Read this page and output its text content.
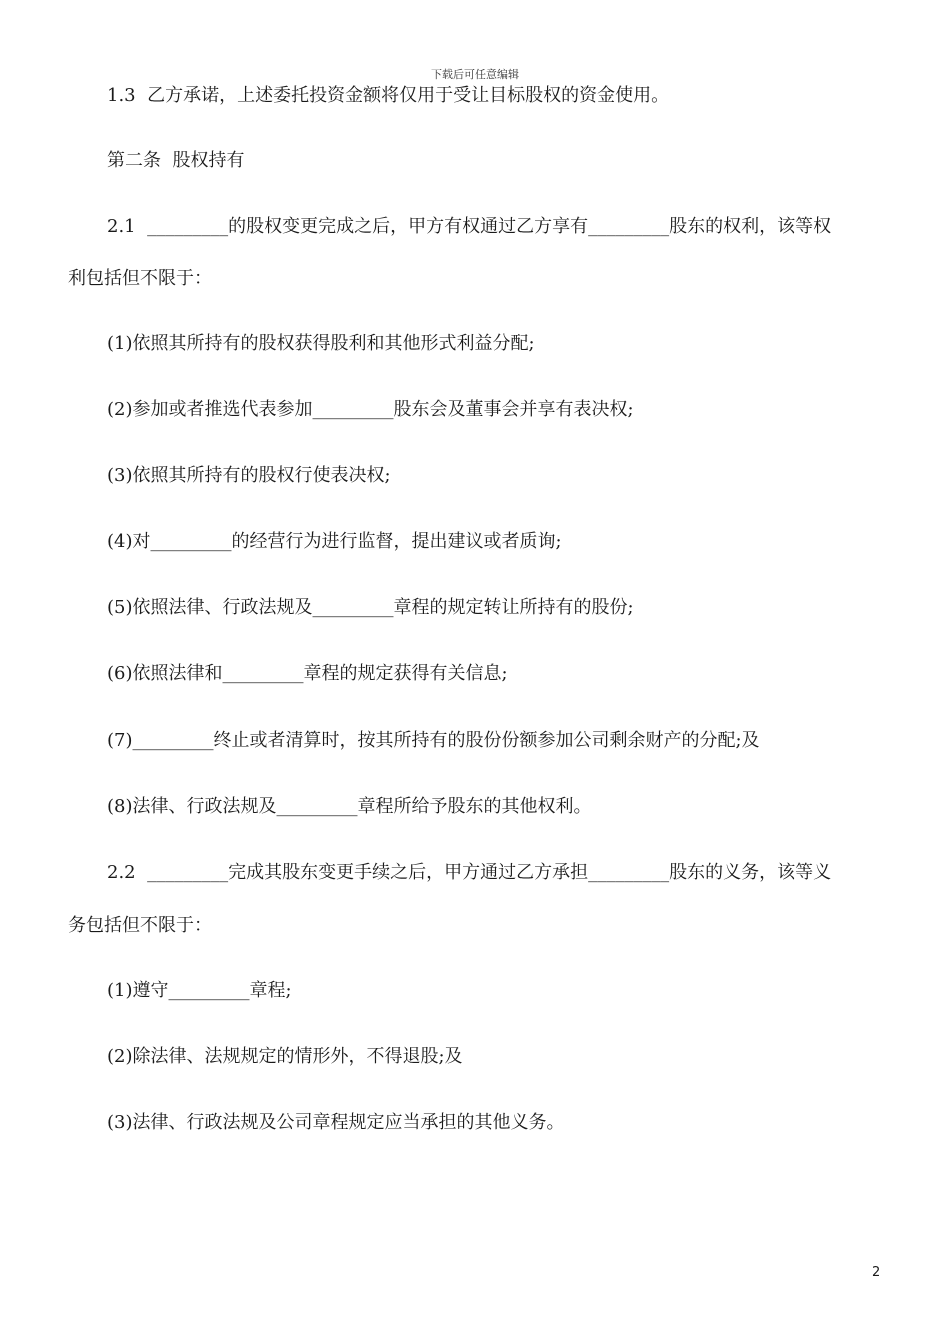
下载后可任意编辑
1.3  乙方承诺，上述委托投资金额将仅用于受让目标股权的资金使用。
第二条  股权持有
2.1  _________的股权变更完成之后，甲方有权通过乙方享有_________股东的权利，该等权
利包括但不限于：
(1)依照其所持有的股权获得股利和其他形式利益分配;
(2)参加或者推选代表参加_________股东会及董事会并享有表决权;
(3)依照其所持有的股权行使表决权;
(4)对_________的经营行为进行监督，提出建议或者质询;
(5)依照法律、行政法规及_________章程的规定转让所持有的股份;
(6)依照法律和_________章程的规定获得有关信息;
(7)_________终止或者清算时，按其所持有的股份份额参加公司剩余财产的分配;及
(8)法律、行政法规及_________章程所给予股东的其他权利。
2.2  _________完成其股东变更手续之后，甲方通过乙方承担_________股东的义务，该等义
务包括但不限于：
(1)遵守_________章程;
(2)除法律、法规规定的情形外，不得退股;及
(3)法律、行政法规及公司章程规定应当承担的其他义务。
2
